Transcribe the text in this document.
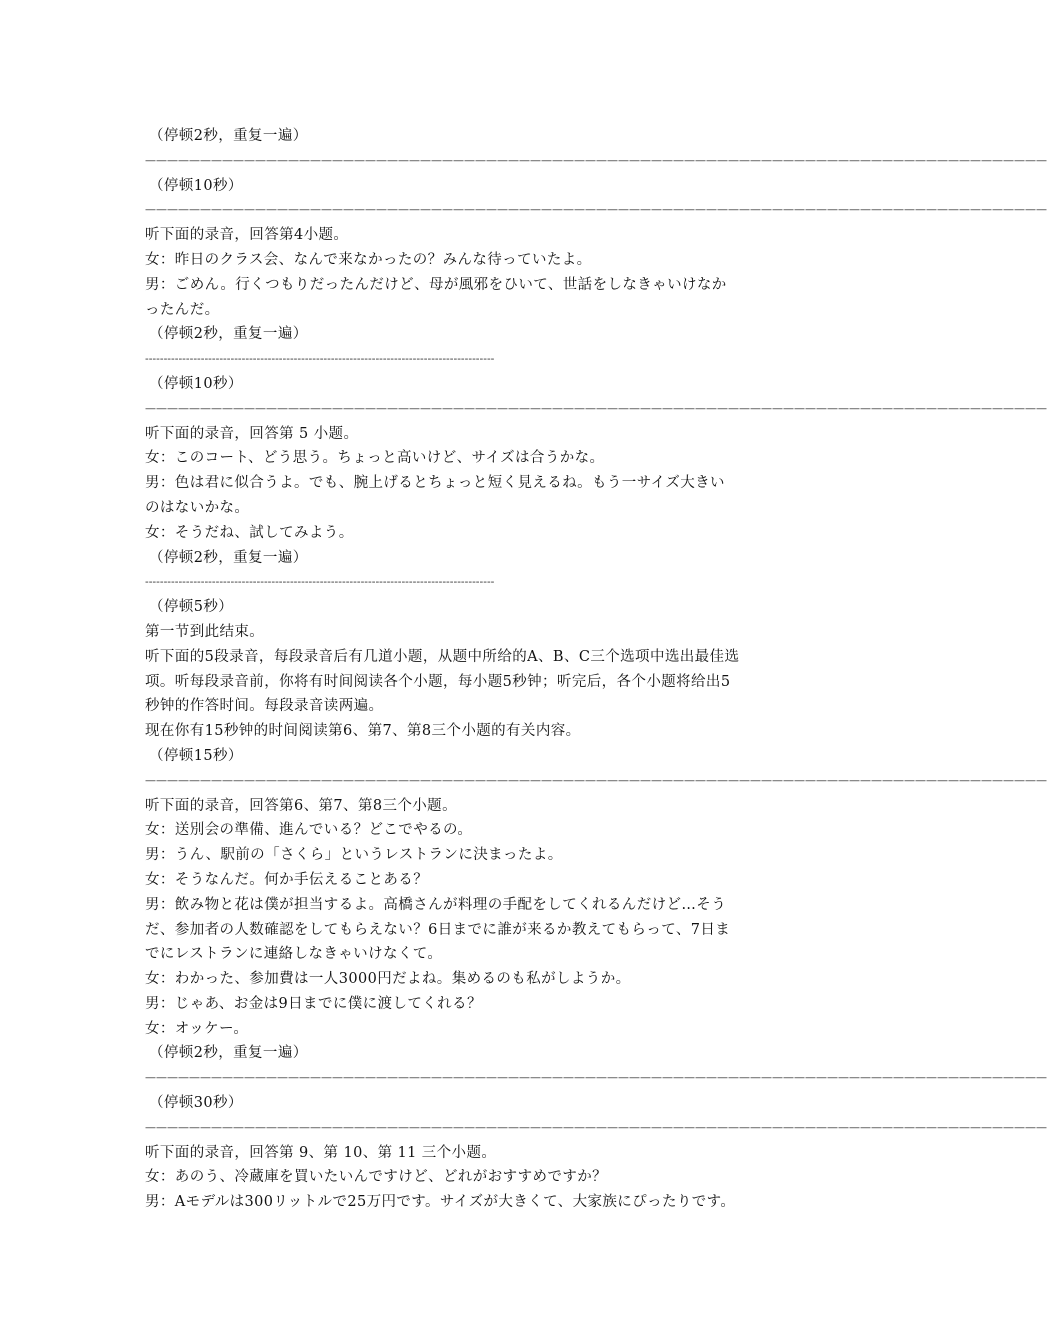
（停顿2秒，重复一遍）
——————————————————————————————————————————————————————————————————————————————————
（停顿10秒）
——————————————————————————————————————————————————————————————————————————————————
听下面的录音，回答第4小题。
女：昨日のクラス会、なんで来なかったの？みんな待っていたよ。
男：ごめん。行くつもりだったんだけど、母が風邪をひいて、世話をしなきゃいけなか
ったんだ。
（停顿2秒，重复一遍）
----------------------------------------------------------------------------------------------
（停顿10秒）
——————————————————————————————————————————————————————————————————————————————————
听下面的录音，回答第 5 小题。
女：このコート、どう思う。ちょっと高いけど、サイズは合うかな。
男：色は君に似合うよ。でも、腕上げるとちょっと短く見えるね。もう一サイズ大きい
のはないかな。
女：そうだね、試してみよう。
（停顿2秒，重复一遍）
----------------------------------------------------------------------------------------------
（停顿5秒）
第一节到此结束。
听下面的5段录音，每段录音后有几道小题，从题中所给的A、B、C三个选项中选出最佳选
项。听每段录音前，你将有时间阅读各个小题，每小题5秒钟；听完后，各个小题将给出5
秒钟的作答时间。每段录音读两遍。
现在你有15秒钟的时间阅读第6、第7、第8三个小题的有关内容。
（停顿15秒）
——————————————————————————————————————————————————————————————————————————————————
听下面的录音，回答第6、第7、第8三个小题。
女：送別会の準備、進んでいる？どこでやるの。
男：うん、駅前の「さくら」というレストランに決まったよ。
女：そうなんだ。何か手伝えることある？
男：飲み物と花は僕が担当するよ。高橋さんが料理の手配をしてくれるんだけど…そう
だ、参加者の人数確認をしてもらえない？6日までに誰が来るか教えてもらって、7日ま
でにレストランに連絡しなきゃいけなくて。
女：わかった、参加費は一人3000円だよね。集めるのも私がしようか。
男：じゃあ、お金は9日までに僕に渡してくれる？
女：オッケー。
（停顿2秒，重复一遍）
——————————————————————————————————————————————————————————————————————————————————
（停顿30秒）
——————————————————————————————————————————————————————————————————————————————————
听下面的录音，回答第 9、第 10、第 11 三个小题。
女：あのう、冷蔵庫を買いたいんですけど、どれがおすすめですか？
男：Aモデルは300リットルで25万円です。サイズが大きくて、大家族にぴったりです。
